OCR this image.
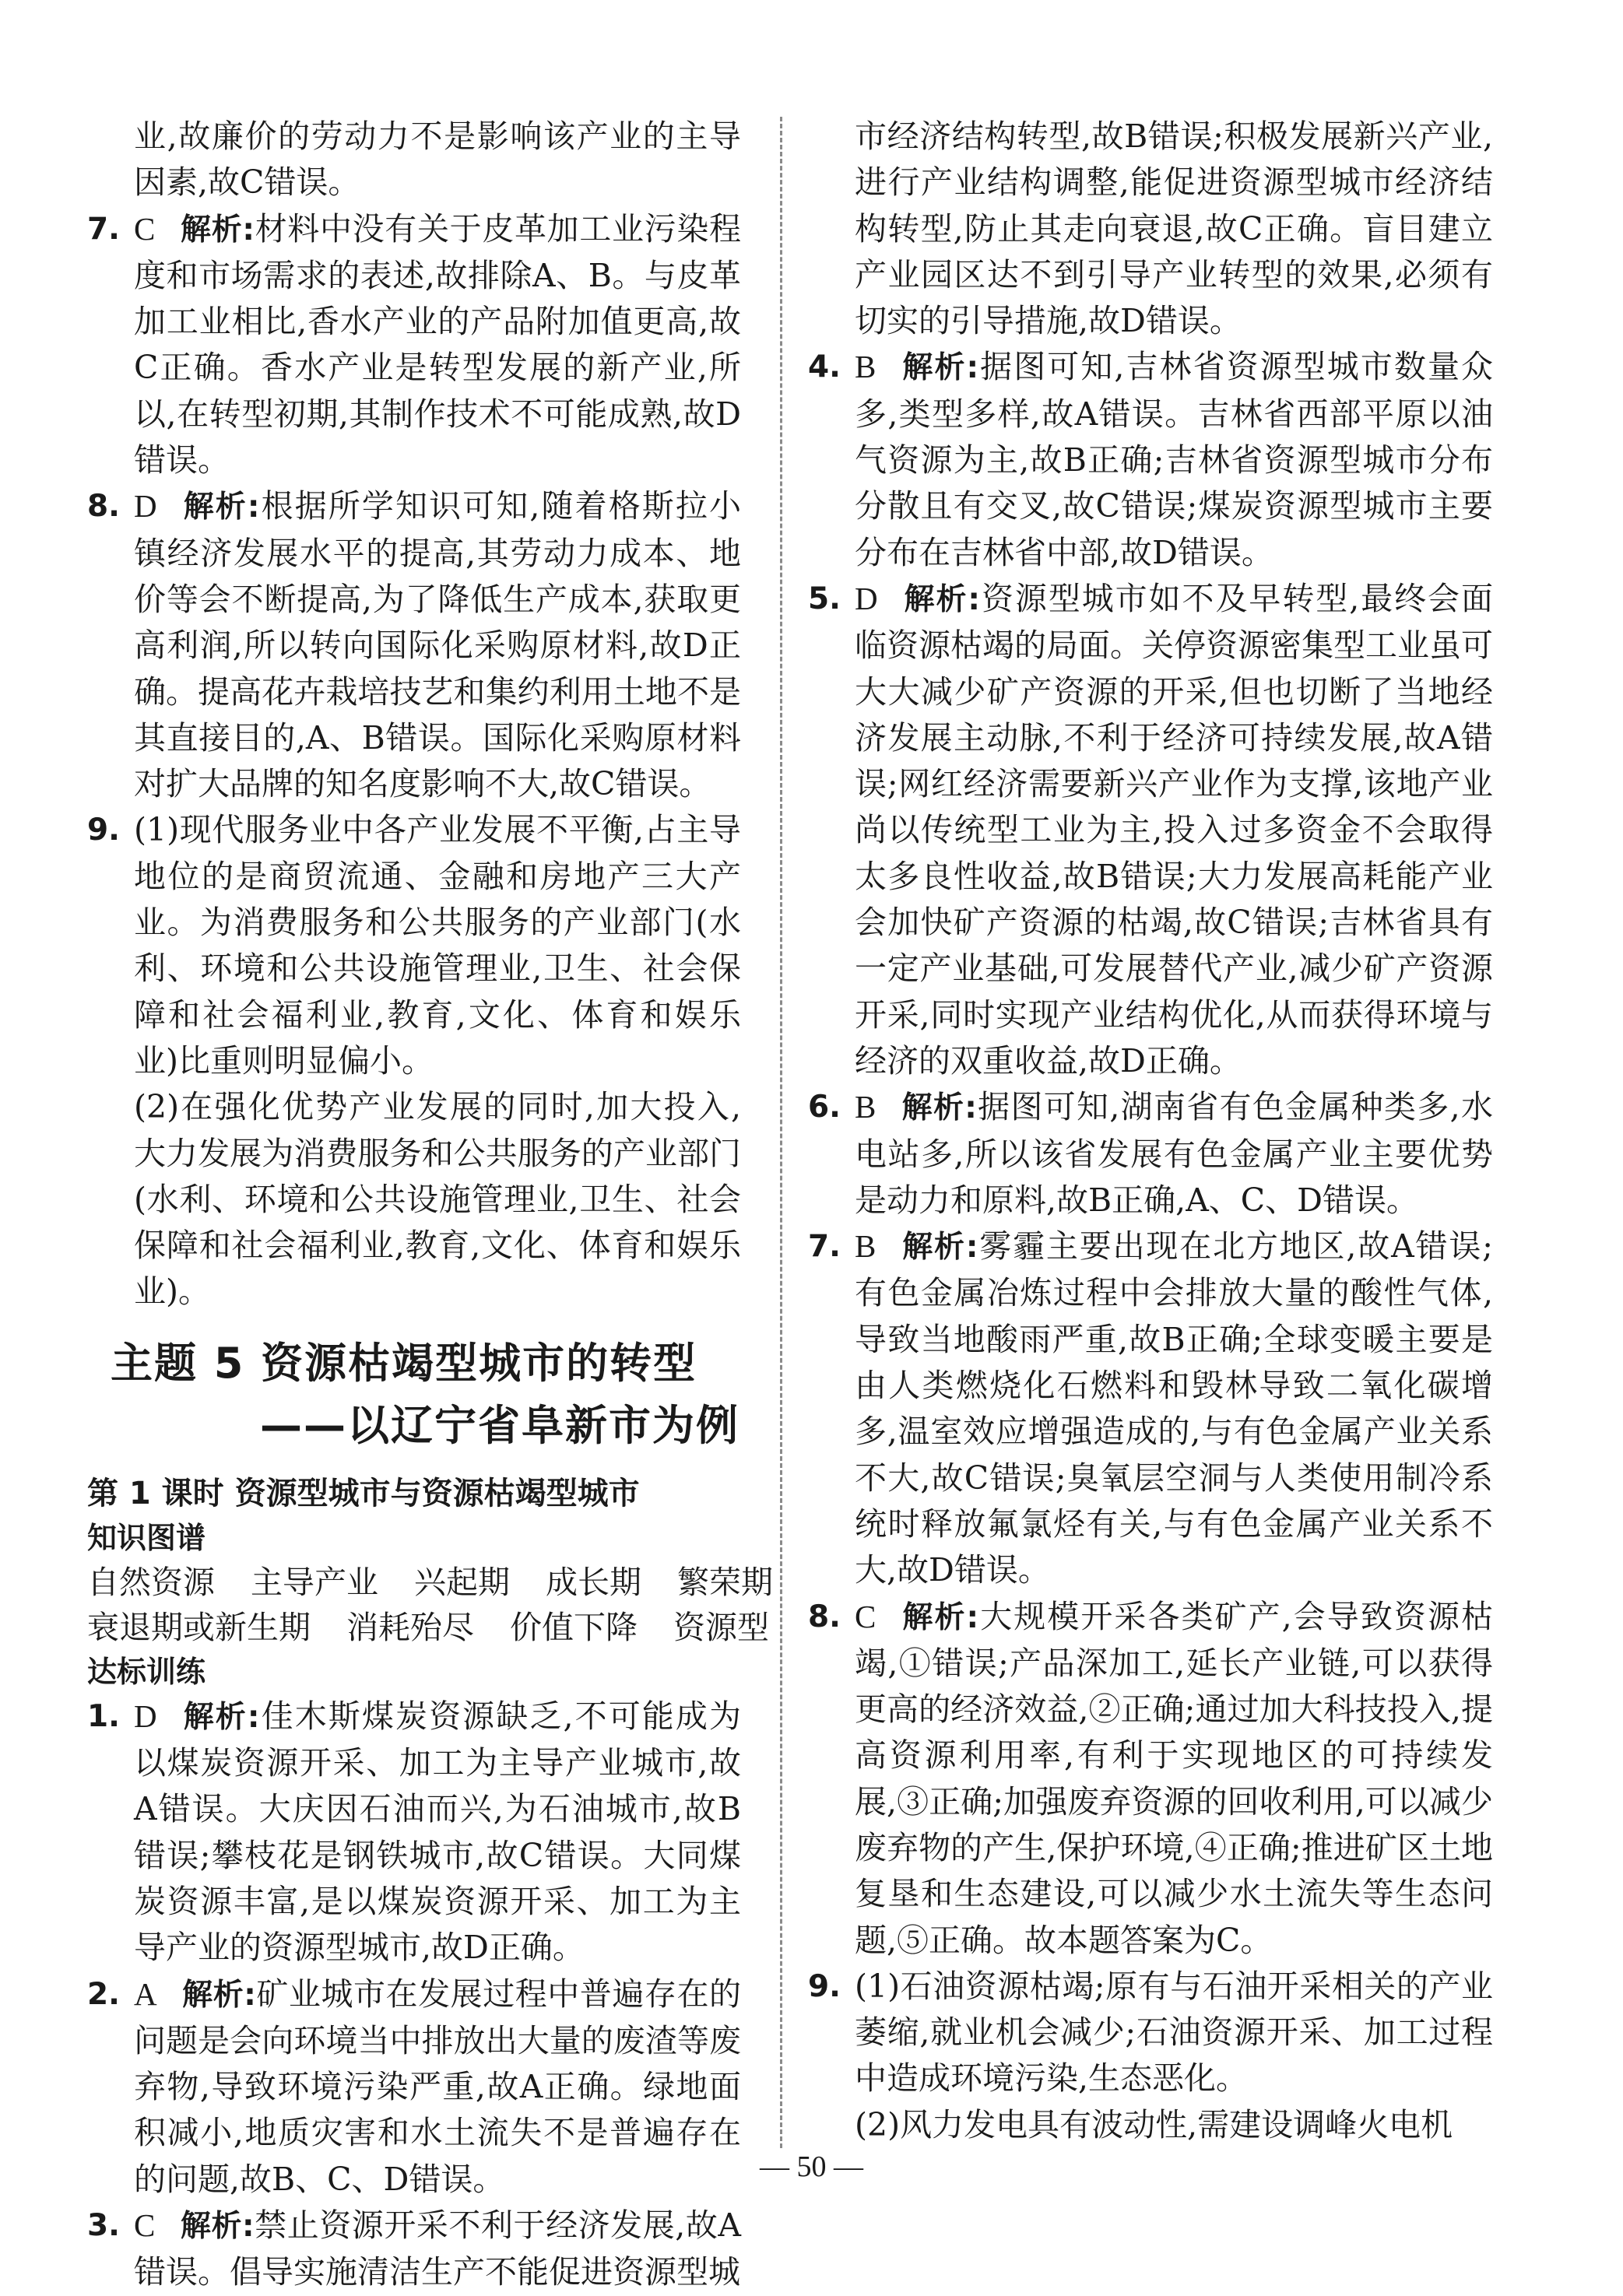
业,故廉价的劳动力不是影响该产业的主导因素,故C错误。

7. C 解析:材料中没有关于皮革加工业污染程度和市场需求的表述,故排除A、B。与皮革加工业相比,香水产业的产品附加值更高,故C正确。香水产业是转型发展的新产业,所以,在转型初期,其制作技术不可能成熟,故D错误。

8. D 解析:根据所学知识可知,随着格斯拉小镇经济发展水平的提高,其劳动力成本、地价等会不断提高,为了降低生产成本,获取更高利润,所以转向国际化采购原材料,故D正确。提高花卉栽培技艺和集约利用土地不是其直接目的,A、B错误。国际化采购原材料对扩大品牌的知名度影响不大,故C错误。

9. (1)现代服务业中各产业发展不平衡,占主导地位的是商贸流通、金融和房地产三大产业。为消费服务和公共服务的产业部门(水利、环境和公共设施管理业,卫生、社会保障和社会福利业,教育,文化、体育和娱乐业)比重则明显偏小。

(2)在强化优势产业发展的同时,加大投入,大力发展为消费服务和公共服务的产业部门(水利、环境和公共设施管理业,卫生、社会保障和社会福利业,教育,文化、体育和娱乐业)。

主题 5 资源枯竭型城市的转型
——以辽宁省阜新市为例

第 1 课时 资源型城市与资源枯竭型城市

知识图谱

自然资源 主导产业 兴起期 成长期 繁荣期
衰退期或新生期 消耗殆尽 价值下降 资源型

达标训练

1. D 解析:佳木斯煤炭资源缺乏,不可能成为以煤炭资源开采、加工为主导产业城市,故A错误。大庆因石油而兴,为石油城市,故B错误;攀枝花是钢铁城市,故C错误。大同煤炭资源丰富,是以煤炭资源开采、加工为主导产业的资源型城市,故D正确。

2. A 解析:矿业城市在发展过程中普遍存在的问题是会向环境当中排放出大量的废渣等废弃物,导致环境污染严重,故A正确。绿地面积减小,地质灾害和水土流失不是普遍存在的问题,故B、C、D错误。

3. C 解析:禁止资源开采不利于经济发展,故A错误。倡导实施清洁生产不能促进资源型城

市经济结构转型,故B错误;积极发展新兴产业,进行产业结构调整,能促进资源型城市经济结构转型,防止其走向衰退,故C正确。盲目建立产业园区达不到引导产业转型的效果,必须有切实的引导措施,故D错误。

4. B 解析:据图可知,吉林省资源型城市数量众多,类型多样,故A错误。吉林省西部平原以油气资源为主,故B正确;吉林省资源型城市分布分散且有交叉,故C错误;煤炭资源型城市主要分布在吉林省中部,故D错误。

5. D 解析:资源型城市如不及早转型,最终会面临资源枯竭的局面。关停资源密集型工业虽可大大减少矿产资源的开采,但也切断了当地经济发展主动脉,不利于经济可持续发展,故A错误;网红经济需要新兴产业作为支撑,该地产业尚以传统型工业为主,投入过多资金不会取得太多良性收益,故B错误;大力发展高耗能产业会加快矿产资源的枯竭,故C错误;吉林省具有一定产业基础,可发展替代产业,减少矿产资源开采,同时实现产业结构优化,从而获得环境与经济的双重收益,故D正确。

6. B 解析:据图可知,湖南省有色金属种类多,水电站多,所以该省发展有色金属产业主要优势是动力和原料,故B正确,A、C、D错误。

7. B 解析:雾霾主要出现在北方地区,故A错误;有色金属冶炼过程中会排放大量的酸性气体,导致当地酸雨严重,故B正确;全球变暖主要是由人类燃烧化石燃料和毁林导致二氧化碳增多,温室效应增强造成的,与有色金属产业关系不大,故C错误;臭氧层空洞与人类使用制冷系统时释放氟氯烃有关,与有色金属产业关系不大,故D错误。

8. C 解析:大规模开采各类矿产,会导致资源枯竭,①错误;产品深加工,延长产业链,可以获得更高的经济效益,②正确;通过加大科技投入,提高资源利用率,有利于实现地区的可持续发展,③正确;加强废弃资源的回收利用,可以减少废弃物的产生,保护环境,④正确;推进矿区土地复垦和生态建设,可以减少水土流失等生态问题,⑤正确。故本题答案为C。

9. (1)石油资源枯竭;原有与石油开采相关的产业萎缩,就业机会减少;石油资源开采、加工过程中造成环境污染,生态恶化。

(2)风力发电具有波动性,需建设调峰火电机

— 50 —
